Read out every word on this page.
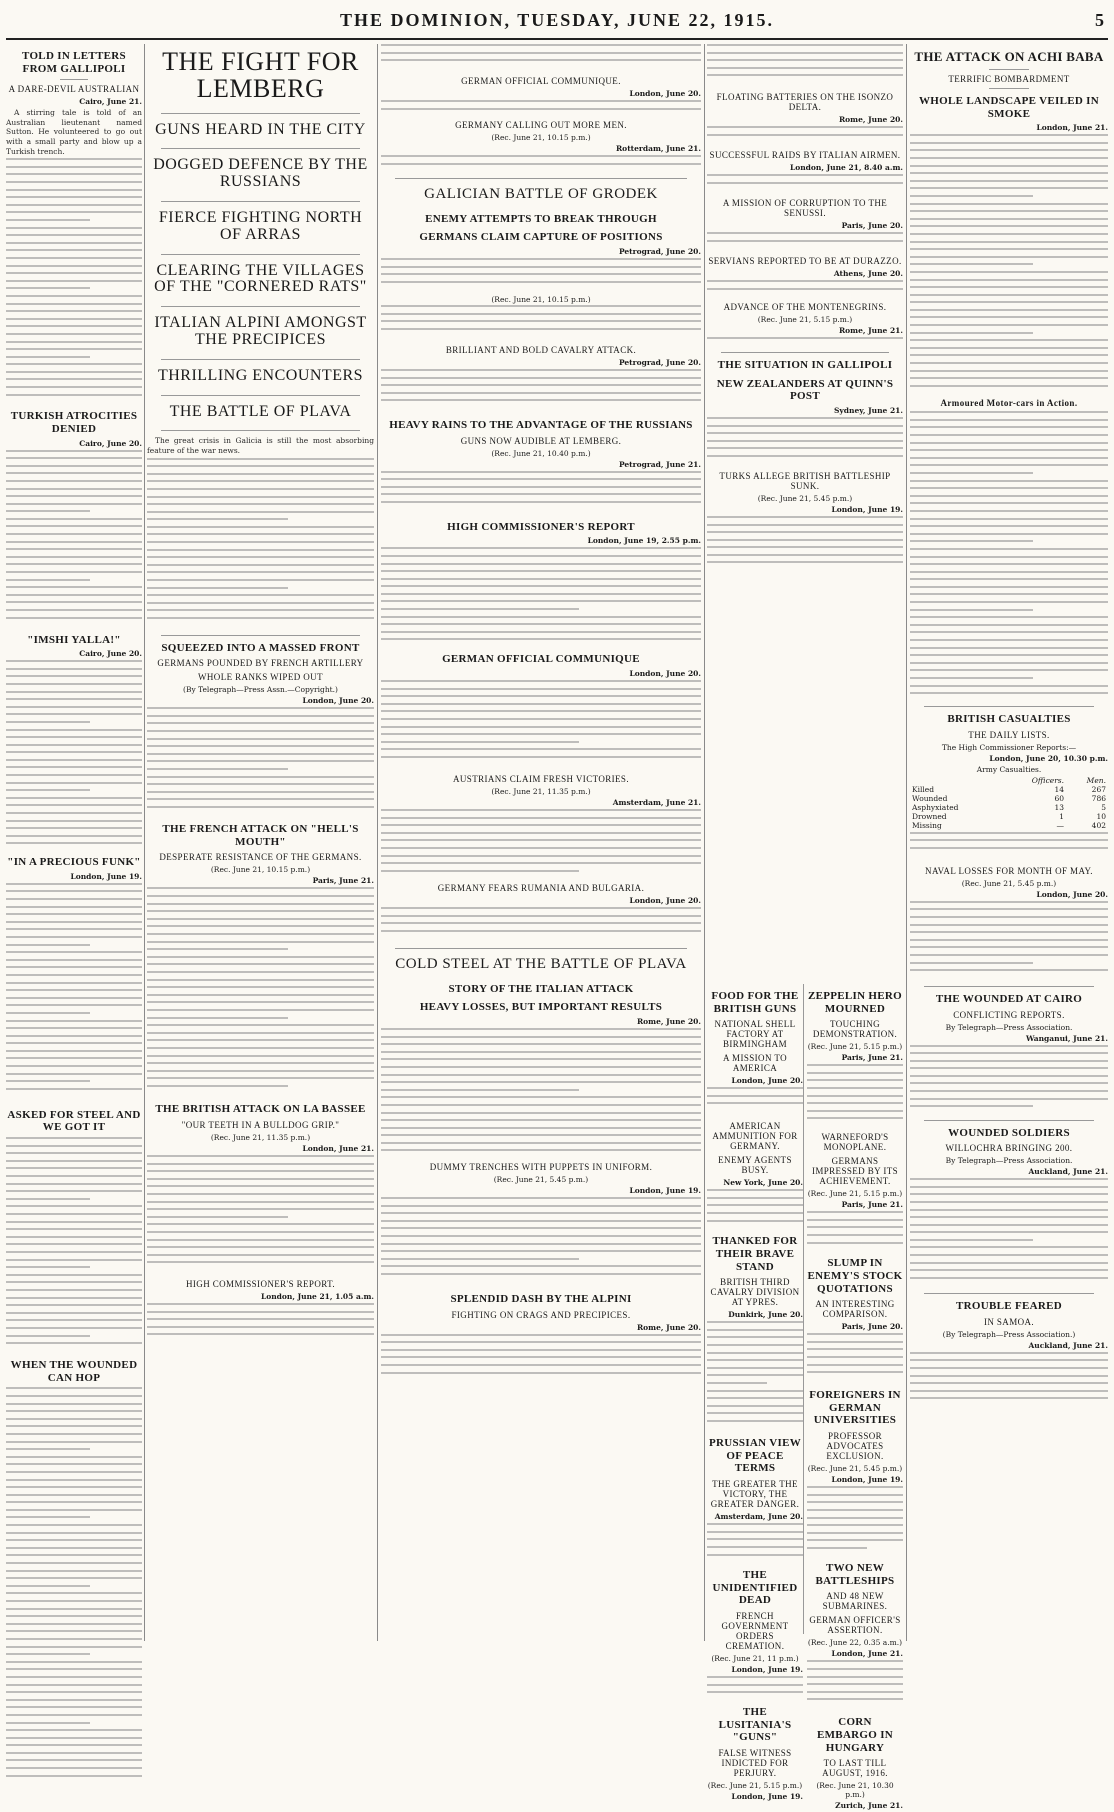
THE DOMINION, TUESDAY, JUNE 22, 1915.	5
TOLD IN LETTERS FROM GALLIPOLI
A DARE-DEVIL AUSTRALIAN
Cairo, June 21.

A stirring tale is told of an Australian lieutenant named Sutton. He volunteered to go out with a small party and blow up a Turkish trench.

TURKISH ATROCITIES DENIED
Cairo, June 20.
"IMSHI YALLA!"
Cairo, June 20.
"IN A PRECIOUS FUNK"
London, June 19.
ASKED FOR STEEL AND WE GOT IT
WHEN THE WOUNDED CAN HOP
THE FIGHT FOR LEMBERG
GUNS HEARD IN THE CITY
DOGGED DEFENCE BY THE RUSSIANS
FIERCE FIGHTING NORTH OF ARRAS
CLEARING THE VILLAGES OF THE "CORNERED RATS"
ITALIAN ALPINI AMONGST THE PRECIPICES
THRILLING ENCOUNTERS
THE BATTLE OF PLAVA

The great crisis in Galicia is still the most absorbing feature of the war news.

SQUEEZED INTO A MASSED FRONT
GERMANS POUNDED BY FRENCH ARTILLERY
WHOLE RANKS WIPED OUT
(By Telegraph—Press Assn.—Copyright.)
London, June 20.
THE FRENCH ATTACK ON "HELL'S MOUTH"
DESPERATE RESISTANCE OF THE GERMANS.
(Rec. June 21, 10.15 p.m.)
Paris, June 21.
THE BRITISH ATTACK ON LA BASSEE
"OUR TEETH IN A BULLDOG GRIP."
(Rec. June 21, 11.35 p.m.)
London, June 21.
HIGH COMMISSIONER'S REPORT.
London, June 21, 1.05 a.m.
GERMAN OFFICIAL COMMUNIQUE.
London, June 20.
GERMANY CALLING OUT MORE MEN.
(Rec. June 21, 10.15 p.m.)
Rotterdam, June 21.
GALICIAN BATTLE OF GRODEK
ENEMY ATTEMPTS TO BREAK THROUGH
GERMANS CLAIM CAPTURE OF POSITIONS
Petrograd, June 20.
(Rec. June 21, 10.15 p.m.)
BRILLIANT AND BOLD CAVALRY ATTACK.
Petrograd, June 20.
HEAVY RAINS TO THE ADVANTAGE OF THE RUSSIANS
GUNS NOW AUDIBLE AT LEMBERG.
(Rec. June 21, 10.40 p.m.)
Petrograd, June 21.
HIGH COMMISSIONER'S REPORT
London, June 19, 2.55 p.m.
GERMAN OFFICIAL COMMUNIQUE
London, June 20.
AUSTRIANS CLAIM FRESH VICTORIES.
(Rec. June 21, 11.35 p.m.)
Amsterdam, June 21.
GERMANY FEARS RUMANIA AND BULGARIA.
London, June 20.
COLD STEEL AT THE BATTLE OF PLAVA
STORY OF THE ITALIAN ATTACK
HEAVY LOSSES, BUT IMPORTANT RESULTS
Rome, June 20.
DUMMY TRENCHES WITH PUPPETS IN UNIFORM.
(Rec. June 21, 5.45 p.m.)
London, June 19.
SPLENDID DASH BY THE ALPINI
FIGHTING ON CRAGS AND PRECIPICES.
Rome, June 20.
FLOATING BATTERIES ON THE ISONZO DELTA.
Rome, June 20.
SUCCESSFUL RAIDS BY ITALIAN AIRMEN.
London, June 21, 8.40 a.m.
A MISSION OF CORRUPTION TO THE SENUSSI.
Paris, June 20.
SERVIANS REPORTED TO BE AT DURAZZO.
Athens, June 20.
ADVANCE OF THE MONTENEGRINS.
(Rec. June 21, 5.15 p.m.)
Rome, June 21.
THE SITUATION IN GALLIPOLI
NEW ZEALANDERS AT QUINN'S POST
Sydney, June 21.
TURKS ALLEGE BRITISH BATTLESHIP SUNK.
(Rec. June 21, 5.45 p.m.)
London, June 19.
FOOD FOR THE BRITISH GUNS
NATIONAL SHELL FACTORY AT BIRMINGHAM
A MISSION TO AMERICA
London, June 20.
AMERICAN AMMUNITION FOR GERMANY.
ENEMY AGENTS BUSY.
New York, June 20.
THANKED FOR THEIR BRAVE STAND
BRITISH THIRD CAVALRY DIVISION AT YPRES.
Dunkirk, June 20.
PRUSSIAN VIEW OF PEACE TERMS
THE GREATER THE VICTORY, THE GREATER DANGER.
Amsterdam, June 20.
THE UNIDENTIFIED DEAD
FRENCH GOVERNMENT ORDERS CREMATION.
(Rec. June 21, 11 p.m.)
London, June 19.
THE LUSITANIA'S "GUNS"
FALSE WITNESS INDICTED FOR PERJURY.
(Rec. June 21, 5.15 p.m.)
London, June 19.
ZEPPELIN HERO MOURNED
TOUCHING DEMONSTRATION.
(Rec. June 21, 5.15 p.m.)
Paris, June 21.
WARNEFORD'S MONOPLANE.
GERMANS IMPRESSED BY ITS ACHIEVEMENT.
(Rec. June 21, 5.15 p.m.)
Paris, June 21.
SLUMP IN ENEMY'S STOCK QUOTATIONS
AN INTERESTING COMPARISON.
Paris, June 20.
FOREIGNERS IN GERMAN UNIVERSITIES
PROFESSOR ADVOCATES EXCLUSION.
(Rec. June 21, 5.45 p.m.)
London, June 19.
TWO NEW BATTLESHIPS
AND 48 NEW SUBMARINES.
GERMAN OFFICER'S ASSERTION.
(Rec. June 22, 0.35 a.m.)
London, June 21.
CORN EMBARGO IN HUNGARY
TO LAST TILL AUGUST, 1916.
(Rec. June 21, 10.30 p.m.)
Zurich, June 21.
THE ATTACK ON ACHI BABA
TERRIFIC BOMBARDMENT
WHOLE LANDSCAPE VEILED IN SMOKE
London, June 21.
Armoured Motor-cars in Action.
BRITISH CASUALTIES
THE DAILY LISTS.
The High Commissioner Reports:—
London, June 20, 10.30 p.m.
Army Casualties.
	Officers.	Men.
Killed	14	267
Wounded	60	786
Asphyxiated	13	5
Drowned	1	10
Missing	—	402
NAVAL LOSSES FOR MONTH OF MAY.
(Rec. June 21, 5.45 p.m.)
London, June 20.
THE WOUNDED AT CAIRO
CONFLICTING REPORTS.
By Telegraph—Press Association.
Wanganui, June 21.
WOUNDED SOLDIERS
WILLOCHRA BRINGING 200.
By Telegraph—Press Association.
Auckland, June 21.
TROUBLE FEARED
IN SAMOA.
(By Telegraph—Press Association.)
Auckland, June 21.
